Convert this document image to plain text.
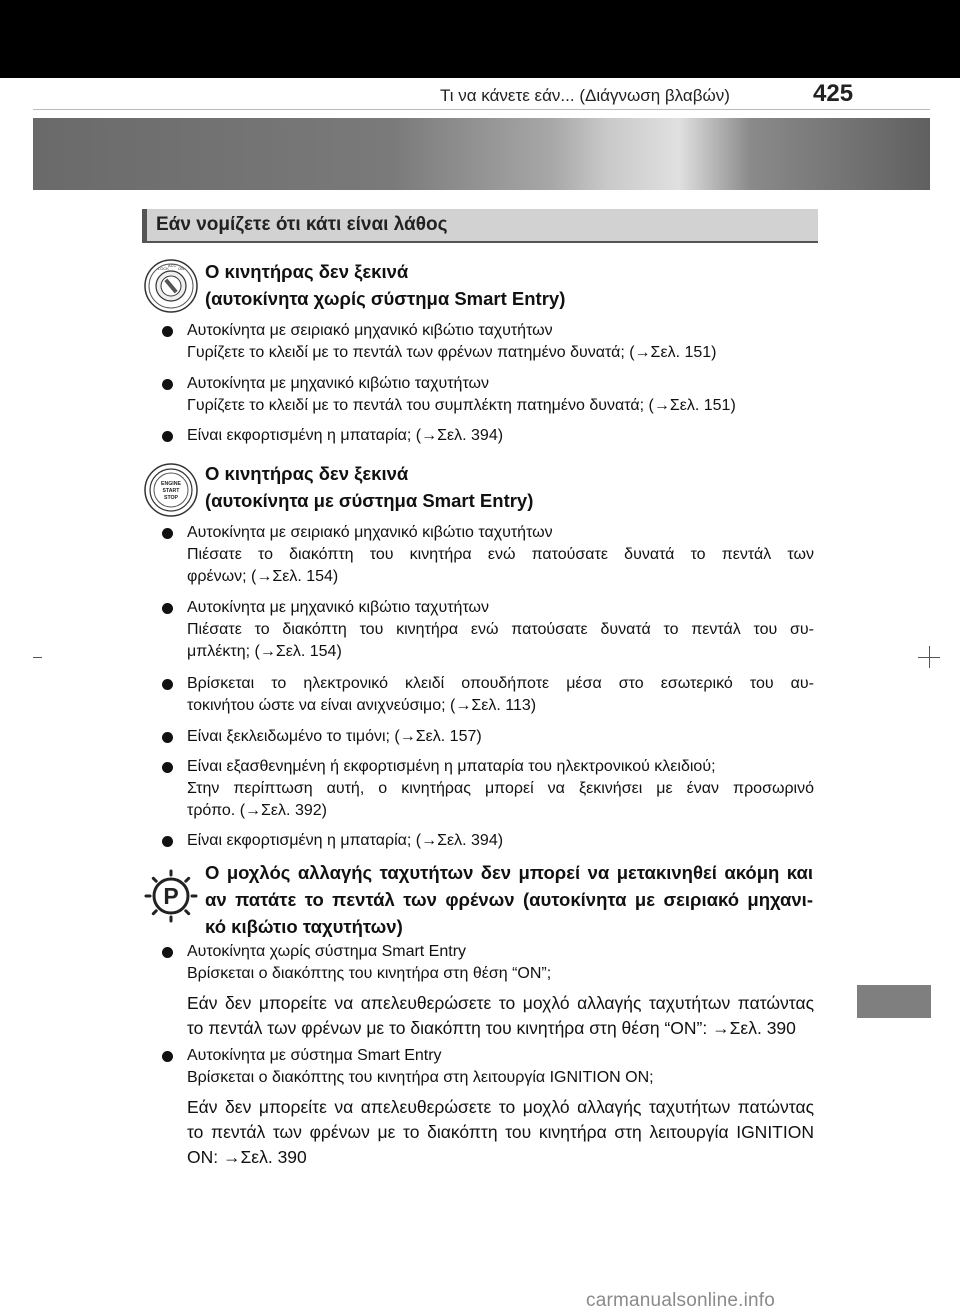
Τι να κάνετε εάν... (Διάγνωση βλαβών)	425
Εάν νομίζετε ότι κάτι είναι λάθος
LOCK
ACC
ON Ο κινητήρας δεν ξεκινά
(αυτοκίνητα χωρίς σύστημα Smart Entry)
Αυτοκίνητα με σειριακό μηχανικό κιβώτιο ταχυτήτων
Γυρίζετε το κλειδί με το πεντάλ των φρένων πατημένο δυνατά; (→Σελ. 151)
Αυτοκίνητα με μηχανικό κιβώτιο ταχυτήτων
Γυρίζετε το κλειδί με το πεντάλ του συμπλέκτη πατημένο δυνατά; (→Σελ. 151)
Είναι εκφορτισμένη η μπαταρία; (→Σελ. 394)
ENGINE
START
STOP
Ο κινητήρας δεν ξεκινά
(αυτοκίνητα με σύστημα Smart Entry)
Αυτοκίνητα με σειριακό μηχανικό κιβώτιο ταχυτήτων
Πιέσατε το διακόπτη του κινητήρα ενώ πατούσατε δυνατά το πεντάλ των
φρένων; (→Σελ. 154)
Αυτοκίνητα με μηχανικό κιβώτιο ταχυτήτων
Πιέσατε το διακόπτη του κινητήρα ενώ πατούσατε δυνατά το πεντάλ του συ-
μπλέκτη; (→Σελ. 154)
Βρίσκεται το ηλεκτρονικό κλειδί οπουδήποτε μέσα στο εσωτερικό του αυ-
τοκινήτου ώστε να είναι ανιχνεύσιμο; (→Σελ. 113)
Είναι ξεκλειδωμένο το τιμόνι; (→Σελ. 157)
Είναι εξασθενημένη ή εκφορτισμένη η μπαταρία του ηλεκτρονικού κλειδιού;
Στην περίπτωση αυτή, ο κινητήρας μπορεί να ξεκινήσει με έναν προσωρινό
τρόπο. (→Σελ. 392)
Είναι εκφορτισμένη η μπαταρία; (→Σελ. 394)
P
Ο μοχλός αλλαγής ταχυτήτων δεν μπορεί να μετακινηθεί ακόμη και
αν πατάτε το πεντάλ των φρένων (αυτοκίνητα με σειριακό μηχανι-
κό κιβώτιο ταχυτήτων)
Αυτοκίνητα χωρίς σύστημα Smart Entry
Βρίσκεται ο διακόπτης του κινητήρα στη θέση “ON”;
Εάν δεν μπορείτε να απελευθερώσετε το μοχλό αλλαγής ταχυτήτων πατώντας
το πεντάλ των φρένων με το διακόπτη του κινητήρα στη θέση “ON”: →Σελ. 390
Αυτοκίνητα με σύστημα Smart Entry
Βρίσκεται ο διακόπτης του κινητήρα στη λειτουργία IGNITION ON;
Εάν δεν μπορείτε να απελευθερώσετε το μοχλό αλλαγής ταχυτήτων πατώντας
το πεντάλ των φρένων με το διακόπτη του κινητήρα στη λειτουργία IGNITION
ON: →Σελ. 390
carmanualsonline.info
